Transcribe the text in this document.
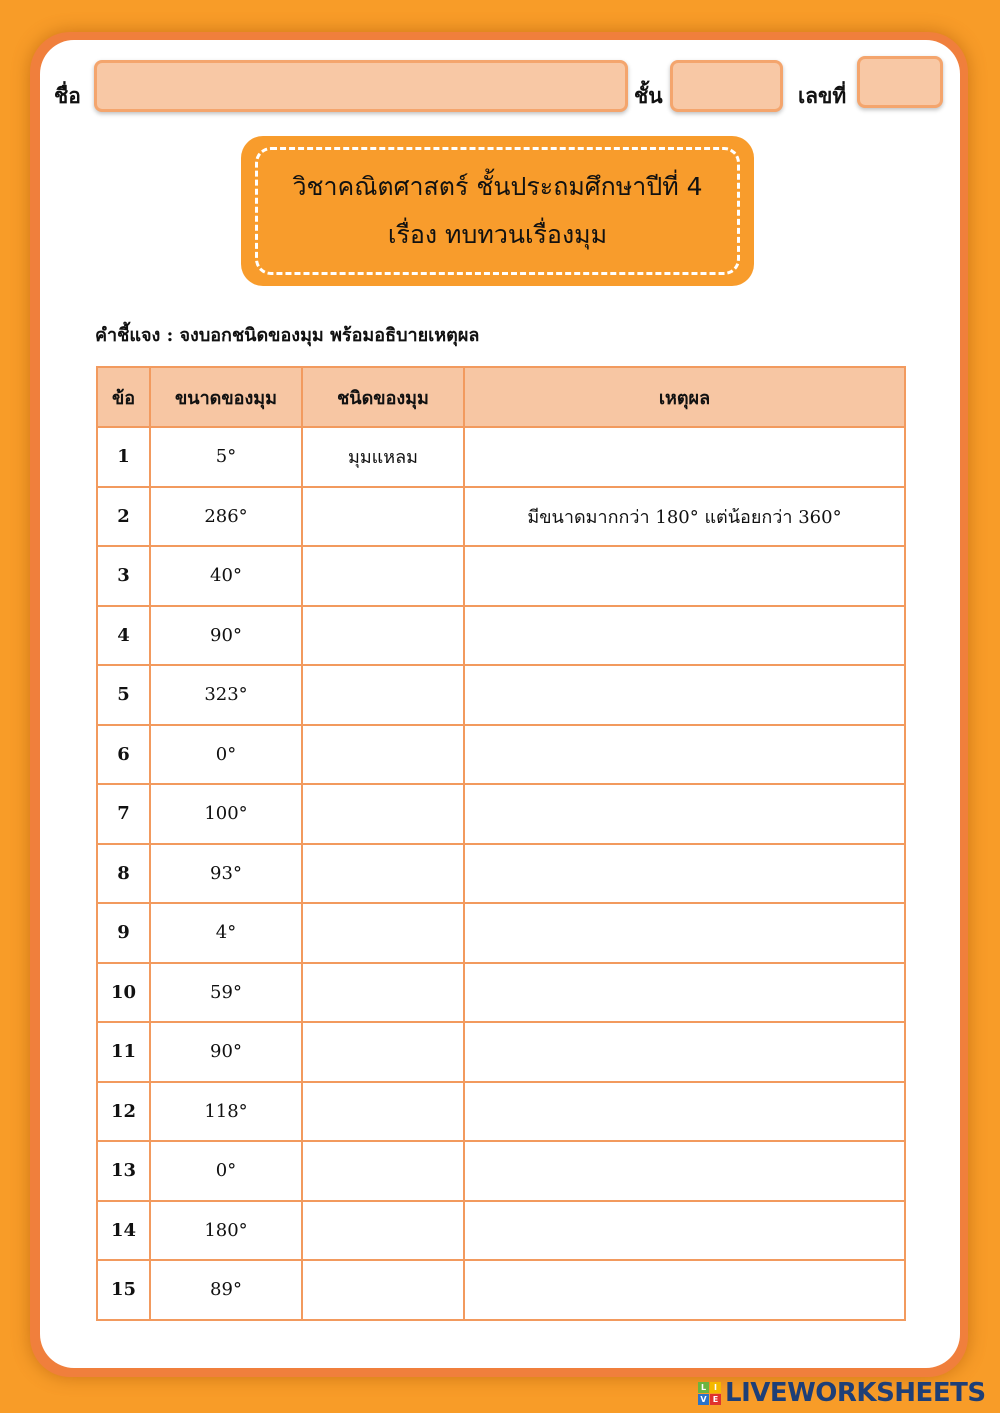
ชื่อ	ชั้น	เลขที่
วิชาคณิตศาสตร์ ชั้นประถมศึกษาปีที่ 4
เรื่อง ทบทวนเรื่องมุม
คำชี้แจง : จงบอกชนิดของมุม พร้อมอธิบายเหตุผล
ข้อ	ขนาดของมุม	ชนิดของมุม	เหตุผล
1	5°	มุมแหลม	
2	286°		มีขนาดมากกว่า 180° แต่น้อยกว่า 360°
3	40°		
4	90°		
5	323°		
6	0°		
7	100°		
8	93°		
9	4°		
10	59°		
11	90°		
12	118°		
13	0°		
14	180°		
15	89°		
L I
V E LIVEWORKSHEETS
